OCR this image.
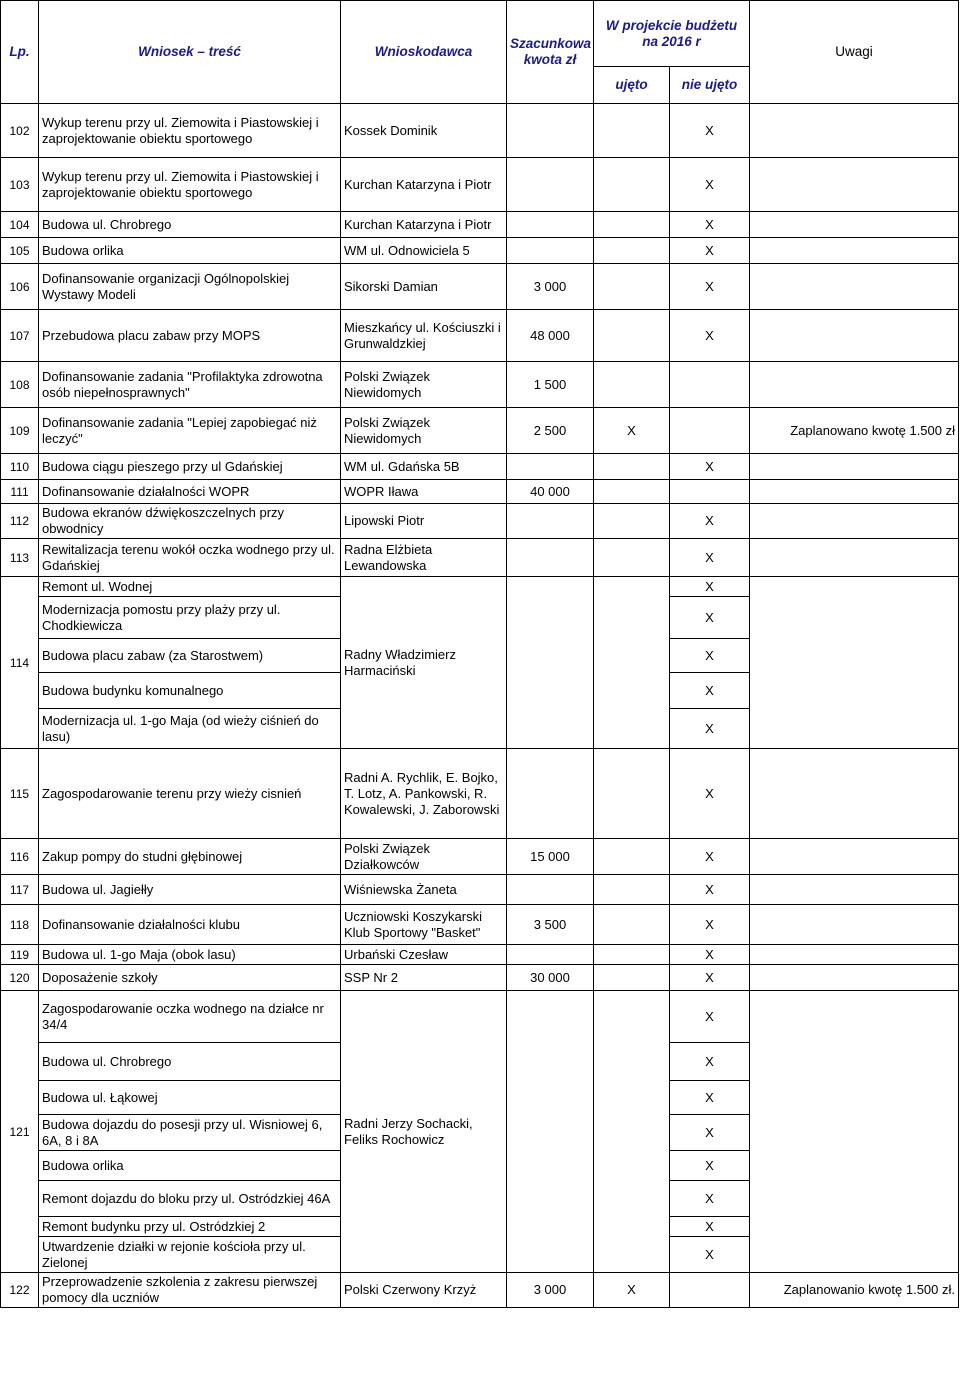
Lp.	Wniosek – treść	Wnioskodawca	Szacunkowa kwota zł	W projekcie budżetu na 2016 r		Uwagi
				ujęto	nie ujęto	
102	Wykup terenu przy ul. Ziemowita i Piastowskiej i zaprojektowanie obiektu sportowego	Kossek Dominik			X	
103	Wykup terenu przy ul. Ziemowita i Piastowskiej i zaprojektowanie obiektu sportowego	Kurchan Katarzyna i Piotr			X	
104	Budowa ul. Chrobrego	Kurchan Katarzyna i Piotr			X	
105	Budowa orlika	WM ul. Odnowiciela 5			X	
106	Dofinansowanie organizacji Ogólnopolskiej Wystawy Modeli	Sikorski Damian	3 000		X	
107	Przebudowa placu zabaw przy MOPS	Mieszkańcy ul. Kościuszki i Grunwaldzkiej	48 000		X	
108	Dofinansowanie zadania "Profilaktyka zdrowotna osób niepełnosprawnych"	Polski Związek Niewidomych	1 500			
109	Dofinansowanie zadania "Lepiej zapobiegać niż leczyć"	Polski Związek Niewidomych	2 500	X		Zaplanowano kwotę 1.500 zł
110	Budowa ciągu pieszego przy ul Gdańskiej	WM ul. Gdańska 5B			X	
111	Dofinansowanie działalności WOPR	WOPR Iława	40 000			
112	Budowa ekranów dźwiękoszczelnych przy obwodnicy	Lipowski Piotr			X	
113	Rewitalizacja terenu wokół oczka wodnego przy ul. Gdańskiej	Radna Elżbieta Lewandowska			X	
114	Remont ul. Wodnej	Radny Władzimierz Harmaciński			X	
	Modernizacja pomostu przy plaży przy ul. Chodkiewicza				X	
	Budowa placu zabaw (za Starostwem)				X	
	Budowa budynku komunalnego				X	
	Modernizacja ul. 1-go Maja (od wieży ciśnień do lasu)				X	
115	Zagospodarowanie terenu przy wieży cisnień	Radni A. Rychlik, E. Bojko, T. Lotz, A. Pankowski, R. Kowalewski, J. Zaborowski			X	
116	Zakup pompy do studni głębinowej	Polski Związek Działkowców	15 000		X	
117	Budowa ul. Jagiełły	Wiśniewska Żaneta			X	
118	Dofinansowanie działalności klubu	Uczniowski Koszykarski Klub Sportowy "Basket"	3 500		X	
119	Budowa ul. 1-go Maja (obok lasu)	Urbański Czesław			X	
120	Doposażenie szkoły	SSP Nr 2	30 000		X	
121	Zagospodarowanie oczka wodnego na działce nr 34/4	Radni Jerzy Sochacki, Feliks Rochowicz			X	
	Budowa ul. Chrobrego				X	
	Budowa ul. Łąkowej				X	
	Budowa dojazdu do posesji przy ul. Wisniowej 6, 6A, 8 i 8A				X	
	Budowa orlika				X	
	Remont dojazdu do bloku przy ul. Ostródzkiej 46A				X	
	Remont budynku przy ul. Ostródzkiej 2				X	
	Utwardzenie działki w rejonie kościoła przy ul. Zielonej				X	
122	Przeprowadzenie szkolenia z zakresu pierwszej pomocy dla uczniów	Polski Czerwony Krzyż	3 000	X		Zaplanowanio kwotę 1.500 zł.
